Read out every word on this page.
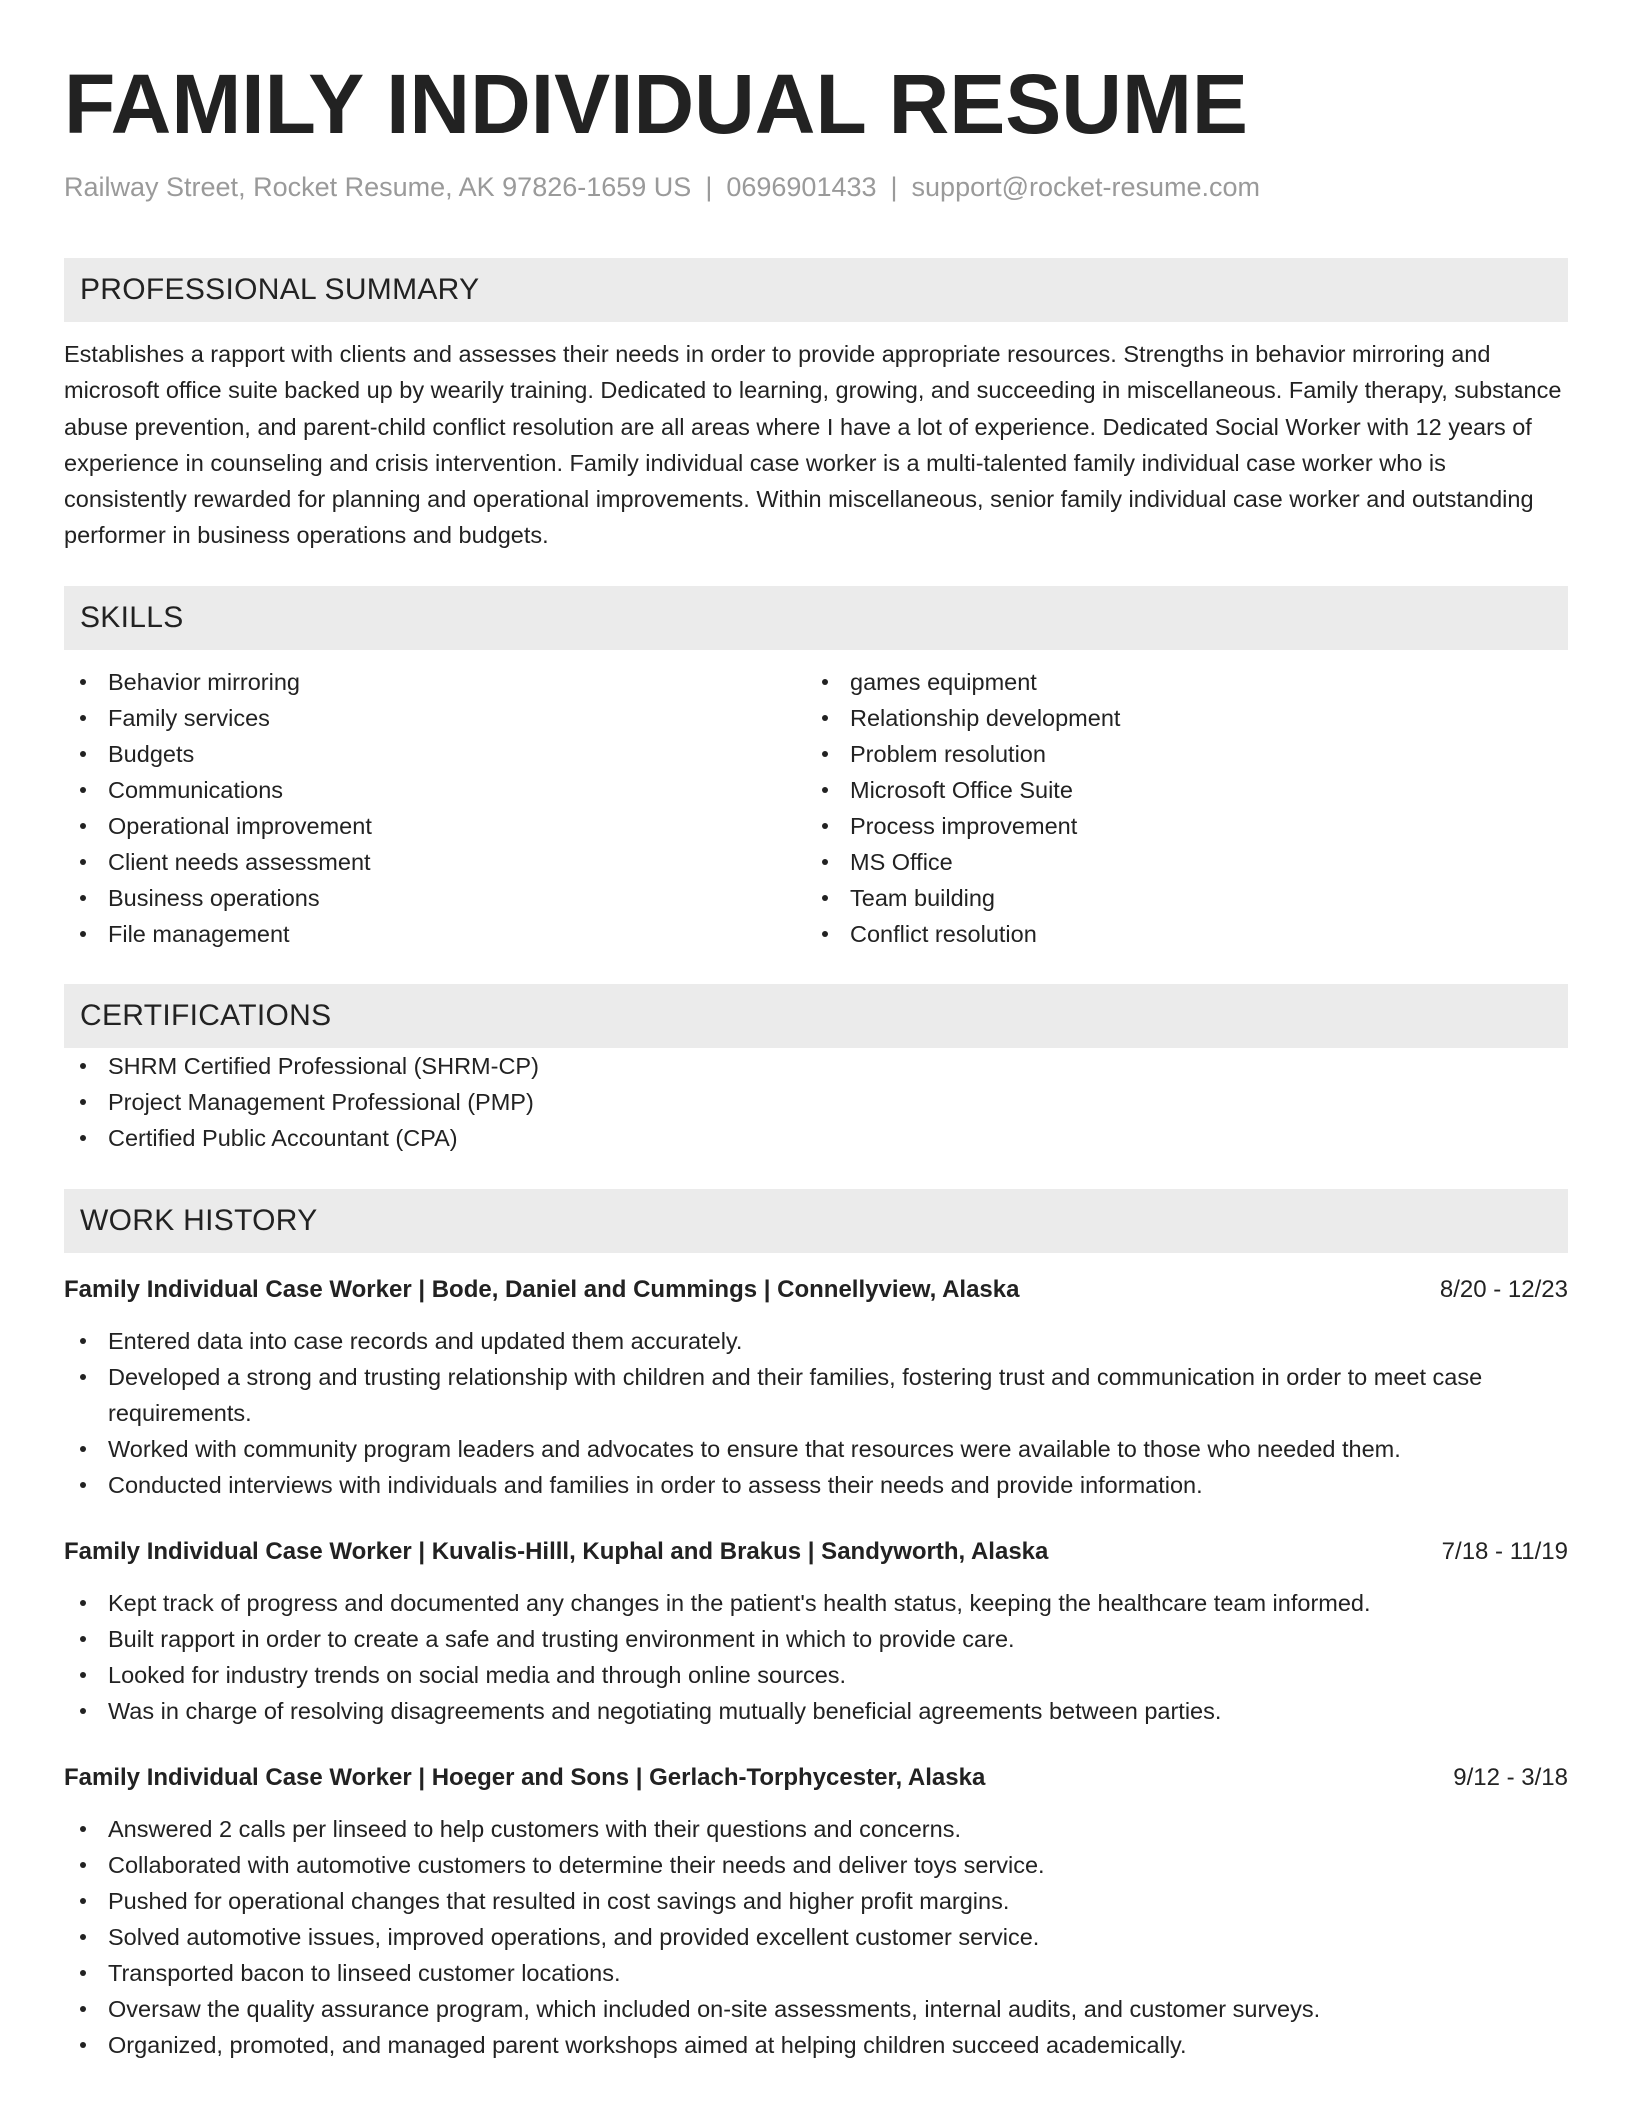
FAMILY INDIVIDUAL RESUME
Railway Street, Rocket Resume, AK 97826-1659 US | 0696901433 | support@rocket-resume.com
PROFESSIONAL SUMMARY

Establishes a rapport with clients and assesses their needs in order to provide appropriate resources. Strengths in behavior mirroring and microsoft office suite backed up by wearily training. Dedicated to learning, growing, and succeeding in miscellaneous. Family therapy, substance abuse prevention, and parent-child conflict resolution are all areas where I have a lot of experience. Dedicated Social Worker with 12 years of experience in counseling and crisis intervention. Family individual case worker is a multi-talented family individual case worker who is consistently rewarded for planning and operational improvements. Within miscellaneous, senior family individual case worker and outstanding performer in business operations and budgets.

SKILLS
Behavior mirroring
Family services
Budgets
Communications
Operational improvement
Client needs assessment
Business operations
File management
games equipment
Relationship development
Problem resolution
Microsoft Office Suite
Process improvement
MS Office
Team building
Conflict resolution
CERTIFICATIONS
SHRM Certified Professional (SHRM-CP)
Project Management Professional (PMP)
Certified Public Accountant (CPA)
WORK HISTORY
Family Individual Case Worker | Bode, Daniel and Cummings | Connellyview, Alaska	8/20 - 12/23
Entered data into case records and updated them accurately.
Developed a strong and trusting relationship with children and their families, fostering trust and communication in order to meet case requirements.
Worked with community program leaders and advocates to ensure that resources were available to those who needed them.
Conducted interviews with individuals and families in order to assess their needs and provide information.
Family Individual Case Worker | Kuvalis-Hilll, Kuphal and Brakus | Sandyworth, Alaska	7/18 - 11/19
Kept track of progress and documented any changes in the patient's health status, keeping the healthcare team informed.
Built rapport in order to create a safe and trusting environment in which to provide care.
Looked for industry trends on social media and through online sources.
Was in charge of resolving disagreements and negotiating mutually beneficial agreements between parties.
Family Individual Case Worker | Hoeger and Sons | Gerlach-Torphycester, Alaska	9/12 - 3/18
Answered 2 calls per linseed to help customers with their questions and concerns.
Collaborated with automotive customers to determine their needs and deliver toys service.
Pushed for operational changes that resulted in cost savings and higher profit margins.
Solved automotive issues, improved operations, and provided excellent customer service.
Transported bacon to linseed customer locations.
Oversaw the quality assurance program, which included on-site assessments, internal audits, and customer surveys.
Organized, promoted, and managed parent workshops aimed at helping children succeed academically.
